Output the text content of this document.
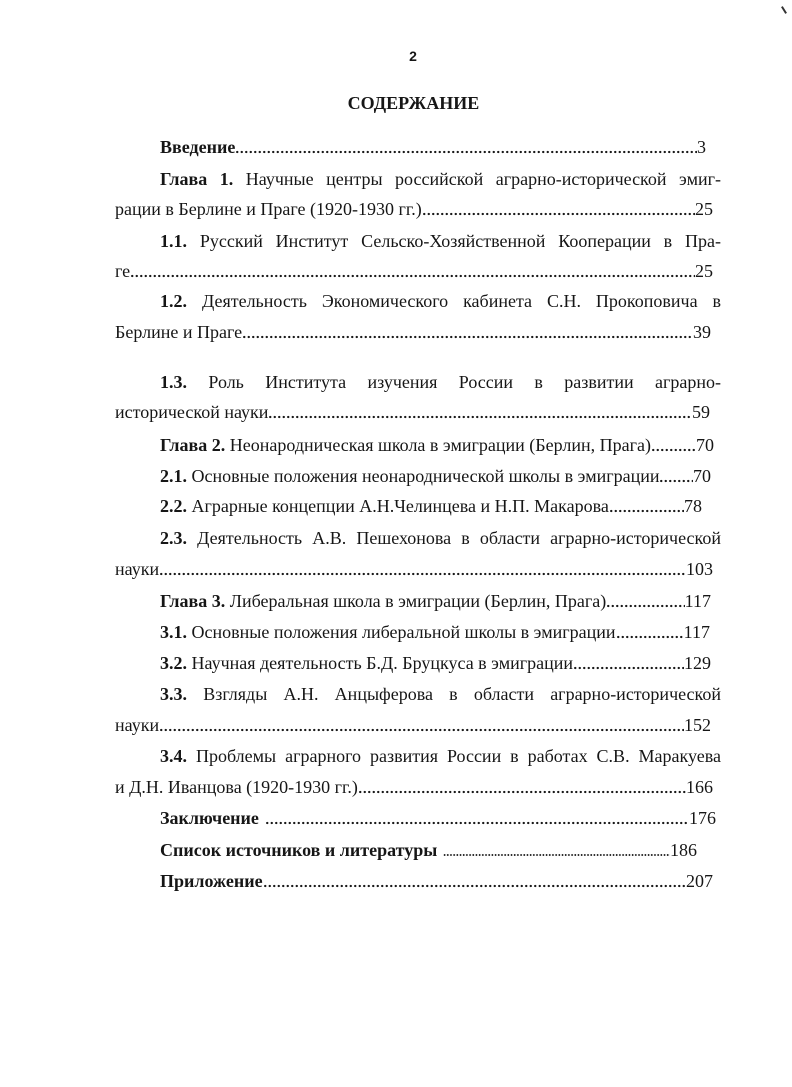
2
СОДЕРЖАНИЕ
Введение	3
Глава 1. Научные центры российской аграрно-исторической эмиг-
рации в Берлине и Праге (1920-1930 гг.)	25
1.1. Русский Институт Сельско-Хозяйственной Кооперации в Пра-
ге	25
1.2. Деятельность Экономического кабинета С.Н. Прокоповича в
Берлине и Праге	39
1.3. Роль Института изучения России в развитии аграрно-
исторической науки	59
Глава 2. Неонародническая школа в эмиграции (Берлин, Прага)	70
2.1. Основные положения неонароднической школы в эмиграции 70
2.2. Аграрные концепции А.Н.Челинцева и Н.П. Макарова	78
2.3. Деятельность А.В. Пешехонова в области аграрно-исторической
науки	103
Глава 3. Либеральная школа в эмиграции (Берлин, Прага)	117
3.1. Основные положения либеральной школы в эмиграции	117
3.2. Научная деятельность Б.Д. Бруцкуса в эмиграции	129
3.3. Взгляды А.Н. Анцыферова в области аграрно-исторической
науки	152
3.4. Проблемы аграрного развития России в работах С.В. Маракуева
и Д.Н. Иванцова (1920-1930 гг.)	166
Заключение	176
Список источников и литературы	186
Приложение	207
